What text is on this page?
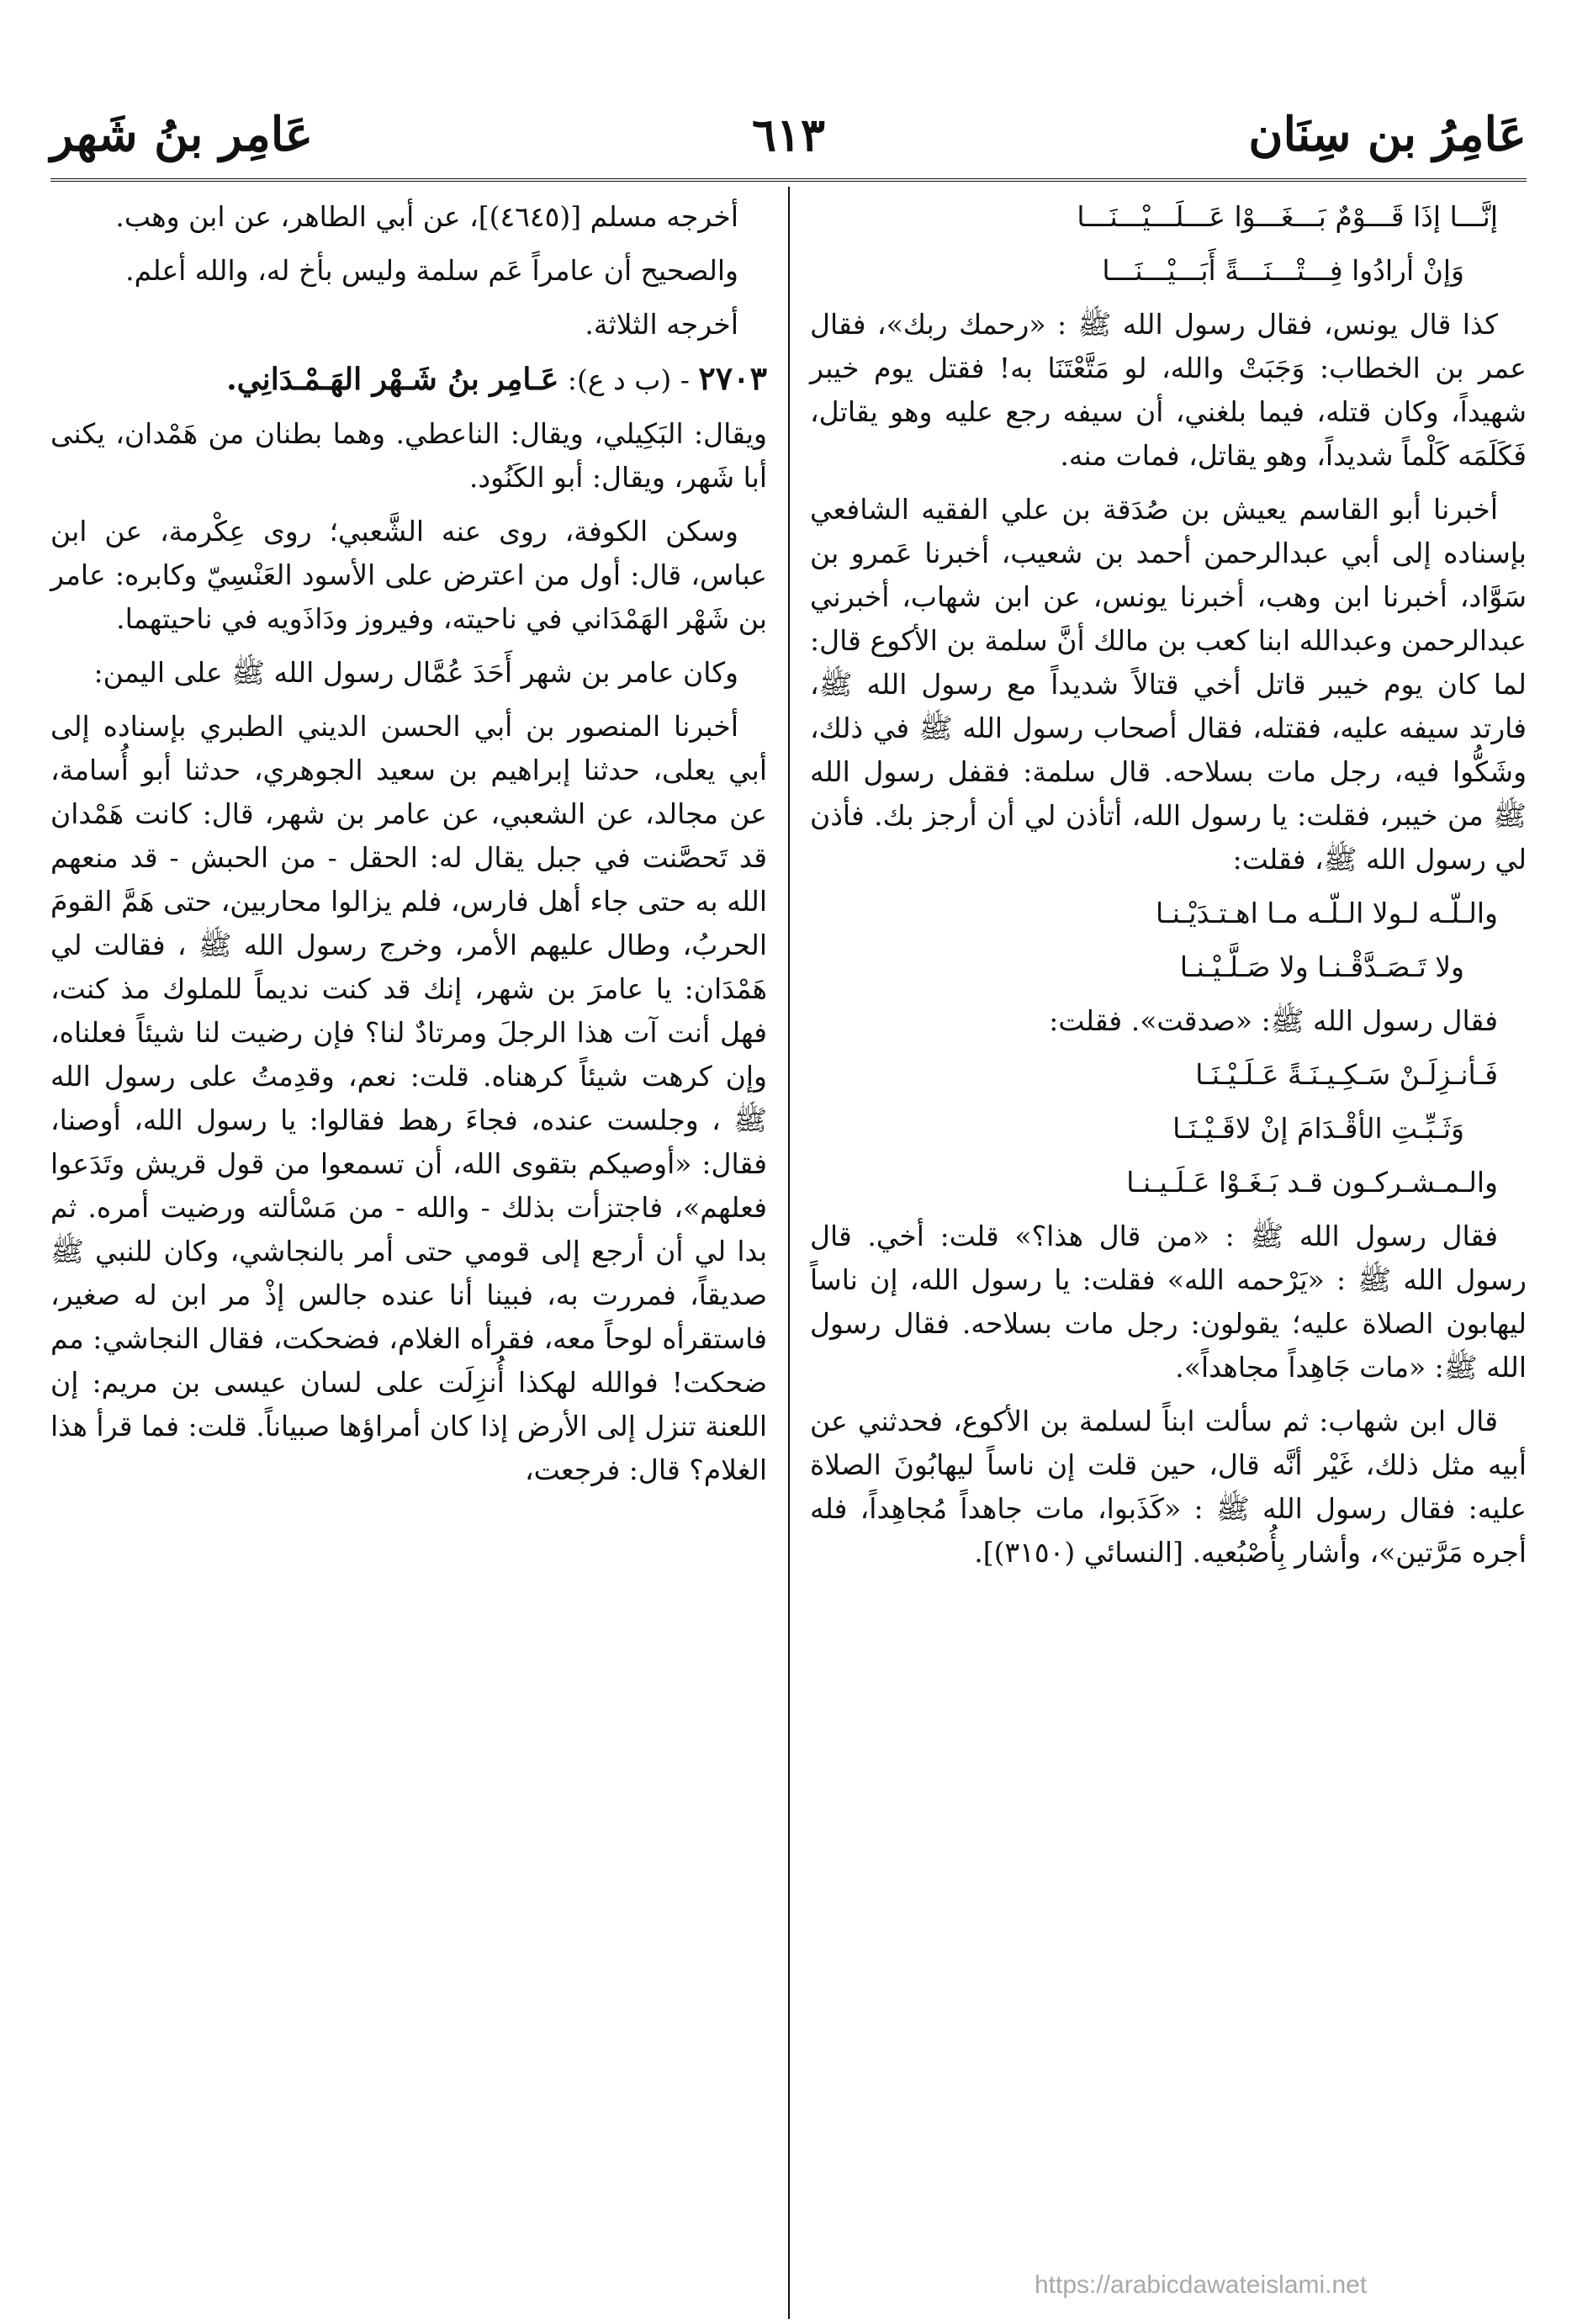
٦١٣	عَامِرُ بن سِنَان
عَامِر بنُ شَهر

إنَّـــا إذَا قَـــوْمٌ بَـــغَـــوْا عَـــلَـــيْـــنَـــا

وَإنْ أرادُوا فِـــتْـــنَـــةً أَبَـــيْـــنَـــا

كذا قال يونس، فقال رسول الله ﷺ : «رحمك ربك»، فقال عمر بن الخطاب: وَجَبَتْ والله، لو مَتَّعْتَنَا به! فقتل يوم خيبر شهيداً، وكان قتله، فيما بلغني، أن سيفه رجع عليه وهو يقاتل، فَكَلَمَه كَلْماً شديداً، وهو يقاتل، فمات منه.

أخبرنا أبو القاسم يعيش بن صُدَقة بن علي الفقيه الشافعي بإسناده إلى أبي عبدالرحمن أحمد بن شعيب، أخبرنا عَمرو بن سَوَّاد، أخبرنا ابن وهب، أخبرنا يونس، عن ابن شهاب، أخبرني عبدالرحمن وعبدالله ابنا كعب بن مالك أنَّ سلمة بن الأكوع قال: لما كان يوم خيبر قاتل أخي قتالاً شديداً مع رسول الله ﷺ، فارتد سيفه عليه، فقتله، فقال أصحاب رسول الله ﷺ في ذلك، وشَكُّوا فيه، رجل مات بسلاحه. قال سلمة: فقفل رسول الله ﷺ من خيبر، فقلت: يا رسول الله، أتأذن لي أن أرجز بك. فأذن لي رسول الله ﷺ، فقلت:

والـلّـه لـولا الـلّـه مـا اهـتـدَيْـنـا

ولا تَـصَـدَّقْـنـا ولا صَـلَّـيْـنـا

فقال رسول الله ﷺ: «صدقت». فقلت:

فَـأنـزِلَـنْ سَـكِـيـنَـةً عَـلَـيْـنَـا

وَثَـبِّـتِ الأقْـدَامَ إنْ لاقَـيْـنَـا

والـمـشـركـون قـد بَـغَـوْا عَـلَـيـنـا

فقال رسول الله ﷺ : «من قال هذا؟» قلت: أخي. قال رسول الله ﷺ : «يَرْحمه الله» فقلت: يا رسول الله، إن ناساً ليهابون الصلاة عليه؛ يقولون: رجل مات بسلاحه. فقال رسول الله ﷺ: «مات جَاهِداً مجاهداً».

قال ابن شهاب: ثم سألت ابناً لسلمة بن الأكوع، فحدثني عن أبيه مثل ذلك، غَيْر أنَّه قال، حين قلت إن ناساً ليهابُونَ الصلاة عليه: فقال رسول الله ﷺ : «كَذَبوا، مات جاهداً مُجاهِداً، فله أجره مَرَّتين»، وأشار بِأُصْبُعيه. [النسائي (٣١٥٠)].

أخرجه مسلم [(٤٦٤٥)]، عن أبي الطاهر، عن ابن وهب.

والصحيح أن عامراً عَم سلمة وليس بأخ له، والله أعلم.

أخرجه الثلاثة.

٢٧٠٣ - (ب د ع): عَـامِر بنُ شَـهْر الهَـمْـدَانِي.

ويقال: البَكِيلي، ويقال: الناعطي. وهما بطنان من هَمْدان، يكنى أبا شَهر، ويقال: أبو الكَنُود.

وسكن الكوفة، روى عنه الشَّعبي؛ روى عِكْرمة، عن ابن عباس، قال: أول من اعترض على الأسود العَنْسِيّ وكابره: عامر بن شَهْر الهَمْدَاني في ناحيته، وفيروز ودَاذَويه في ناحيتهما.

وكان عامر بن شهر أَحَدَ عُمَّال رسول الله ﷺ على اليمن:

أخبرنا المنصور بن أبي الحسن الديني الطبري بإسناده إلى أبي يعلى، حدثنا إبراهيم بن سعيد الجوهري، حدثنا أبو أُسامة، عن مجالد، عن الشعبي، عن عامر بن شهر، قال: كانت هَمْدان قد تَحصَّنت في جبل يقال له: الحقل - من الحبش - قد منعهم الله به حتى جاء أهل فارس، فلم يزالوا محاربين، حتى هَمَّ القومَ الحربُ، وطال عليهم الأمر، وخرج رسول الله ﷺ ، فقالت لي هَمْدَان: يا عامرَ بن شهر، إنك قد كنت نديماً للملوك مذ كنت، فهل أنت آت هذا الرجلَ ومرتادٌ لنا؟ فإن رضيت لنا شيئاً فعلناه، وإن كرهت شيئاً كرهناه. قلت: نعم، وقدِمتُ على رسول الله ﷺ ، وجلست عنده، فجاءَ رهط فقالوا: يا رسول الله، أوصنا، فقال: «أوصيكم بتقوى الله، أن تسمعوا من قول قريش وتَدَعوا فعلهم»، فاجتزأت بذلك - والله - من مَسْألته ورضيت أمره. ثم بدا لي أن أرجع إلى قومي حتى أمر بالنجاشي، وكان للنبي ﷺ صديقاً، فمررت به، فبينا أنا عنده جالس إذْ مر ابن له صغير، فاستقرأه لوحاً معه، فقرأه الغلام، فضحكت، فقال النجاشي: مم ضحكت! فوالله لهكذا أُنزِلَت على لسان عيسى بن مريم: إن اللعنة تنزل إلى الأرض إذا كان أمراؤها صبياناً. قلت: فما قرأ هذا الغلام؟ قال: فرجعت،

https://arabicdawateislami.net
